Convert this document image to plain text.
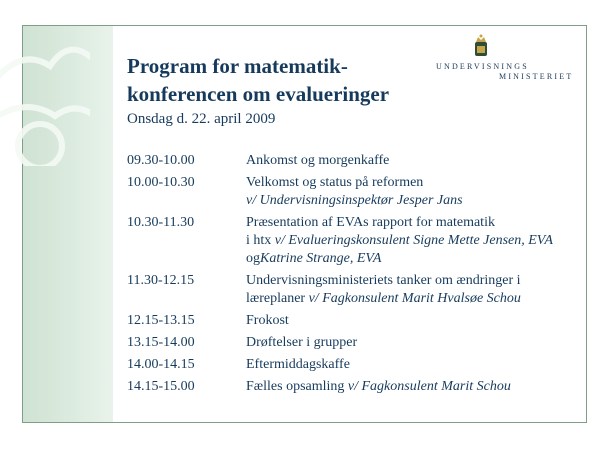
UNDERVISNINGS
MINISTERIET
Program for matematik-
konferencen om evalueringer
Onsdag d. 22. april 2009
09.30-10.00	Ankomst og morgenkaffe
10.00-10.30	Velkomst og status på reformen
v/ Undervisningsinspektør Jesper Jans
10.30-11.30	Præsentation af EVAs rapport for matematik
i htx v/ Evalueringskonsulent Signe Mette Jensen, EVA
ogKatrine Strange, EVA
11.30-12.15	Undervisningsministeriets tanker om ændringer i
læreplaner v/ Fagkonsulent Marit Hvalsøe Schou
12.15-13.15	Frokost
13.15-14.00	Drøftelser i grupper
14.00-14.15	Eftermiddagskaffe
14.15-15.00	Fælles opsamling v/ Fagkonsulent Marit Schou
